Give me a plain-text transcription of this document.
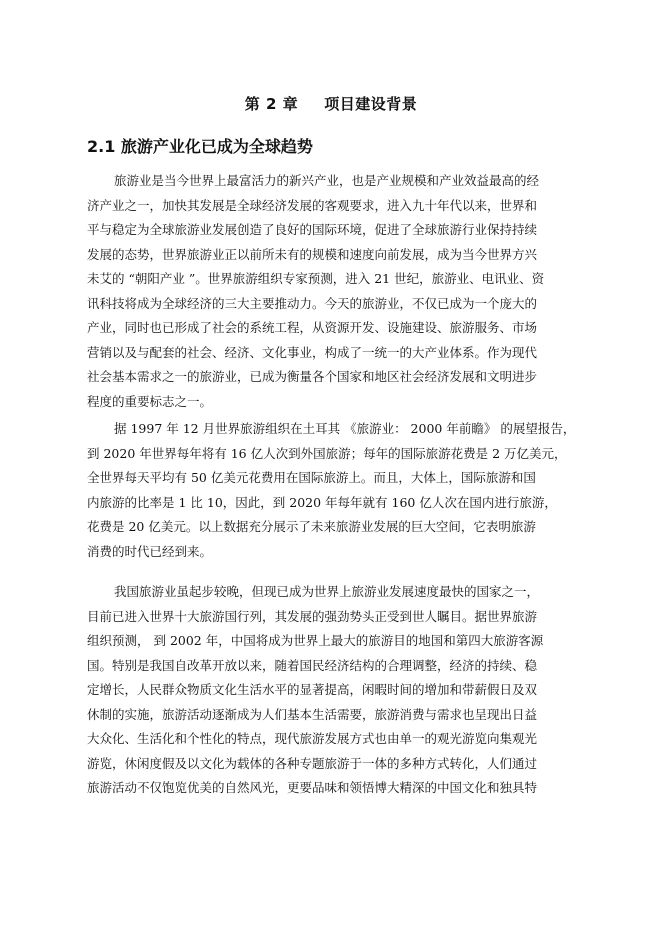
第 2 章 项目建设背景
2.1 旅游产业化已成为全球趋势
旅游业是当今世界上最富活力的新兴产业，也是产业规模和产业效益最高的经
济产业之一，加快其发展是全球经济发展的客观要求，进入九十年代以来，世界和
平与稳定为全球旅游业发展创造了良好的国际环境，促进了全球旅游行业保持持续
发展的态势，世界旅游业正以前所未有的规模和速度向前发展，成为当今世界方兴
未艾的 “朝阳产业 ”。世界旅游组织专家预测，进入 21 世纪，旅游业、电讯业、资
讯科技将成为全球经济的三大主要推动力。今天的旅游业，不仅已成为一个庞大的
产业，同时也已形成了社会的系统工程，从资源开发、设施建设、旅游服务、市场
营销以及与配套的社会、经济、文化事业，构成了一统一的大产业体系。作为现代
社会基本需求之一的旅游业，已成为衡量各个国家和地区社会经济发展和文明进步
程度的重要标志之一。
据 1997 年 12 月世界旅游组织在土耳其 《旅游业： 2000 年前瞻》 的展望报告，
到 2020 年世界每年将有 16 亿人次到外国旅游；每年的国际旅游花费是 2 万亿美元，
全世界每天平均有 50 亿美元花费用在国际旅游上。而且，大体上，国际旅游和国
内旅游的比率是 1 比 10，因此，到 2020 年每年就有 160 亿人次在国内进行旅游，
花费是 20 亿美元。以上数据充分展示了未来旅游业发展的巨大空间，它表明旅游
消费的时代已经到来。
我国旅游业虽起步较晚，但现已成为世界上旅游业发展速度最快的国家之一，
目前已进入世界十大旅游国行列，其发展的强劲势头正受到世人瞩目。据世界旅游
组织预测， 到 2002 年，中国将成为世界上最大的旅游目的地国和第四大旅游客源
国。特别是我国自改革开放以来，随着国民经济结构的合理调整，经济的持续、稳
定增长，人民群众物质文化生活水平的显著提高，闲暇时间的增加和带薪假日及双
休制的实施，旅游活动逐渐成为人们基本生活需要，旅游消费与需求也呈现出日益
大众化、生活化和个性化的特点，现代旅游发展方式也由单一的观光游览向集观光
游览，休闲度假及以文化为载体的各种专题旅游于一体的多种方式转化，人们通过
旅游活动不仅饱览优美的自然风光，更要品味和领悟博大精深的中国文化和独具特
